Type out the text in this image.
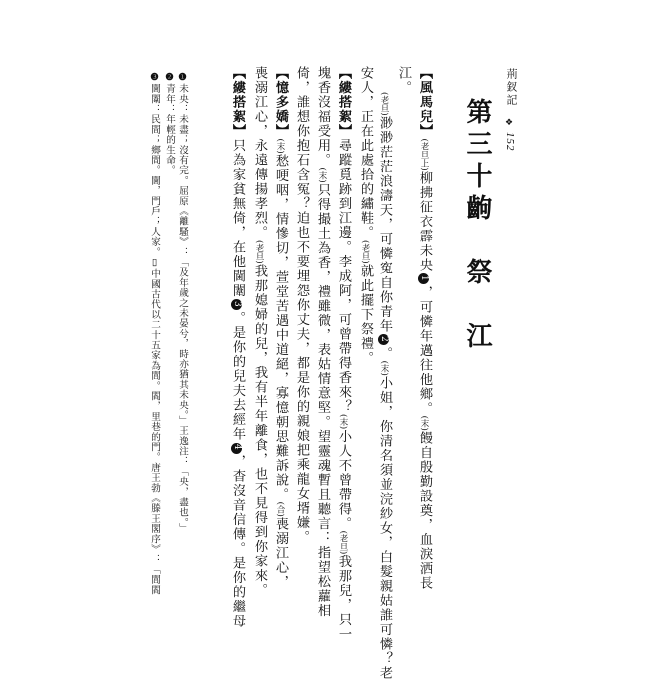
荊釵記
❖
152
第三十齣　祭　江
【風馬兒】(老旦上)柳拂征衣霹未央1，可憐年邁往他鄉。(末)饅自殷勤設奠，血淚洒長
江。
(老旦)渺渺茫茫浪濤天，可憐寃自你青年2。(末)小姐，你清名須並浣紗女，白髮親姑誰可憐？老
安人，正在此處拾的繡鞋。(老旦)就此擺下祭禮。
【縷搭絮】尋蹤覓跡到江邊。李成阿，可曾帶得香來？(末)小人不曾帶得。(老旦)我那兒，只一
塊香沒福受用。(末)只得撮土為香，禮雖微，表姑情意堅。望靈魂暫且聽言：指望松蘿相
倚，誰想你抱石含冤？迫也不要埋怨你丈夫，都是你的親娘把乘龍女壻嫌。
【憶多嬌】(末)愁哽咽，情慘切，萱堂苦遇中道絕，寡憶朝思難訴說。(合)喪溺江心，
喪溺江心，永遠傳揚孝烈。(老旦)我那媳婦的兒，我有半年離食，也不見得到你家來。
【縷搭絮】只為家貧無倚，在他閫闈3。是你的兒夫去經年4，杳沒音信傳。是你的繼母
❶未央：未盡；沒有完。屈原《離騷》：「及年歲之未晏兮，時亦猶其未央。」王逸注：「央，盡也。」
❷青年：年輕的生命。
❸閫闈：民間；鄉間。閫，門戶；人家。▯中國古代以二十五家為閭。閻，里巷的門。唐王勃《滕王閣序》：「閭閻
